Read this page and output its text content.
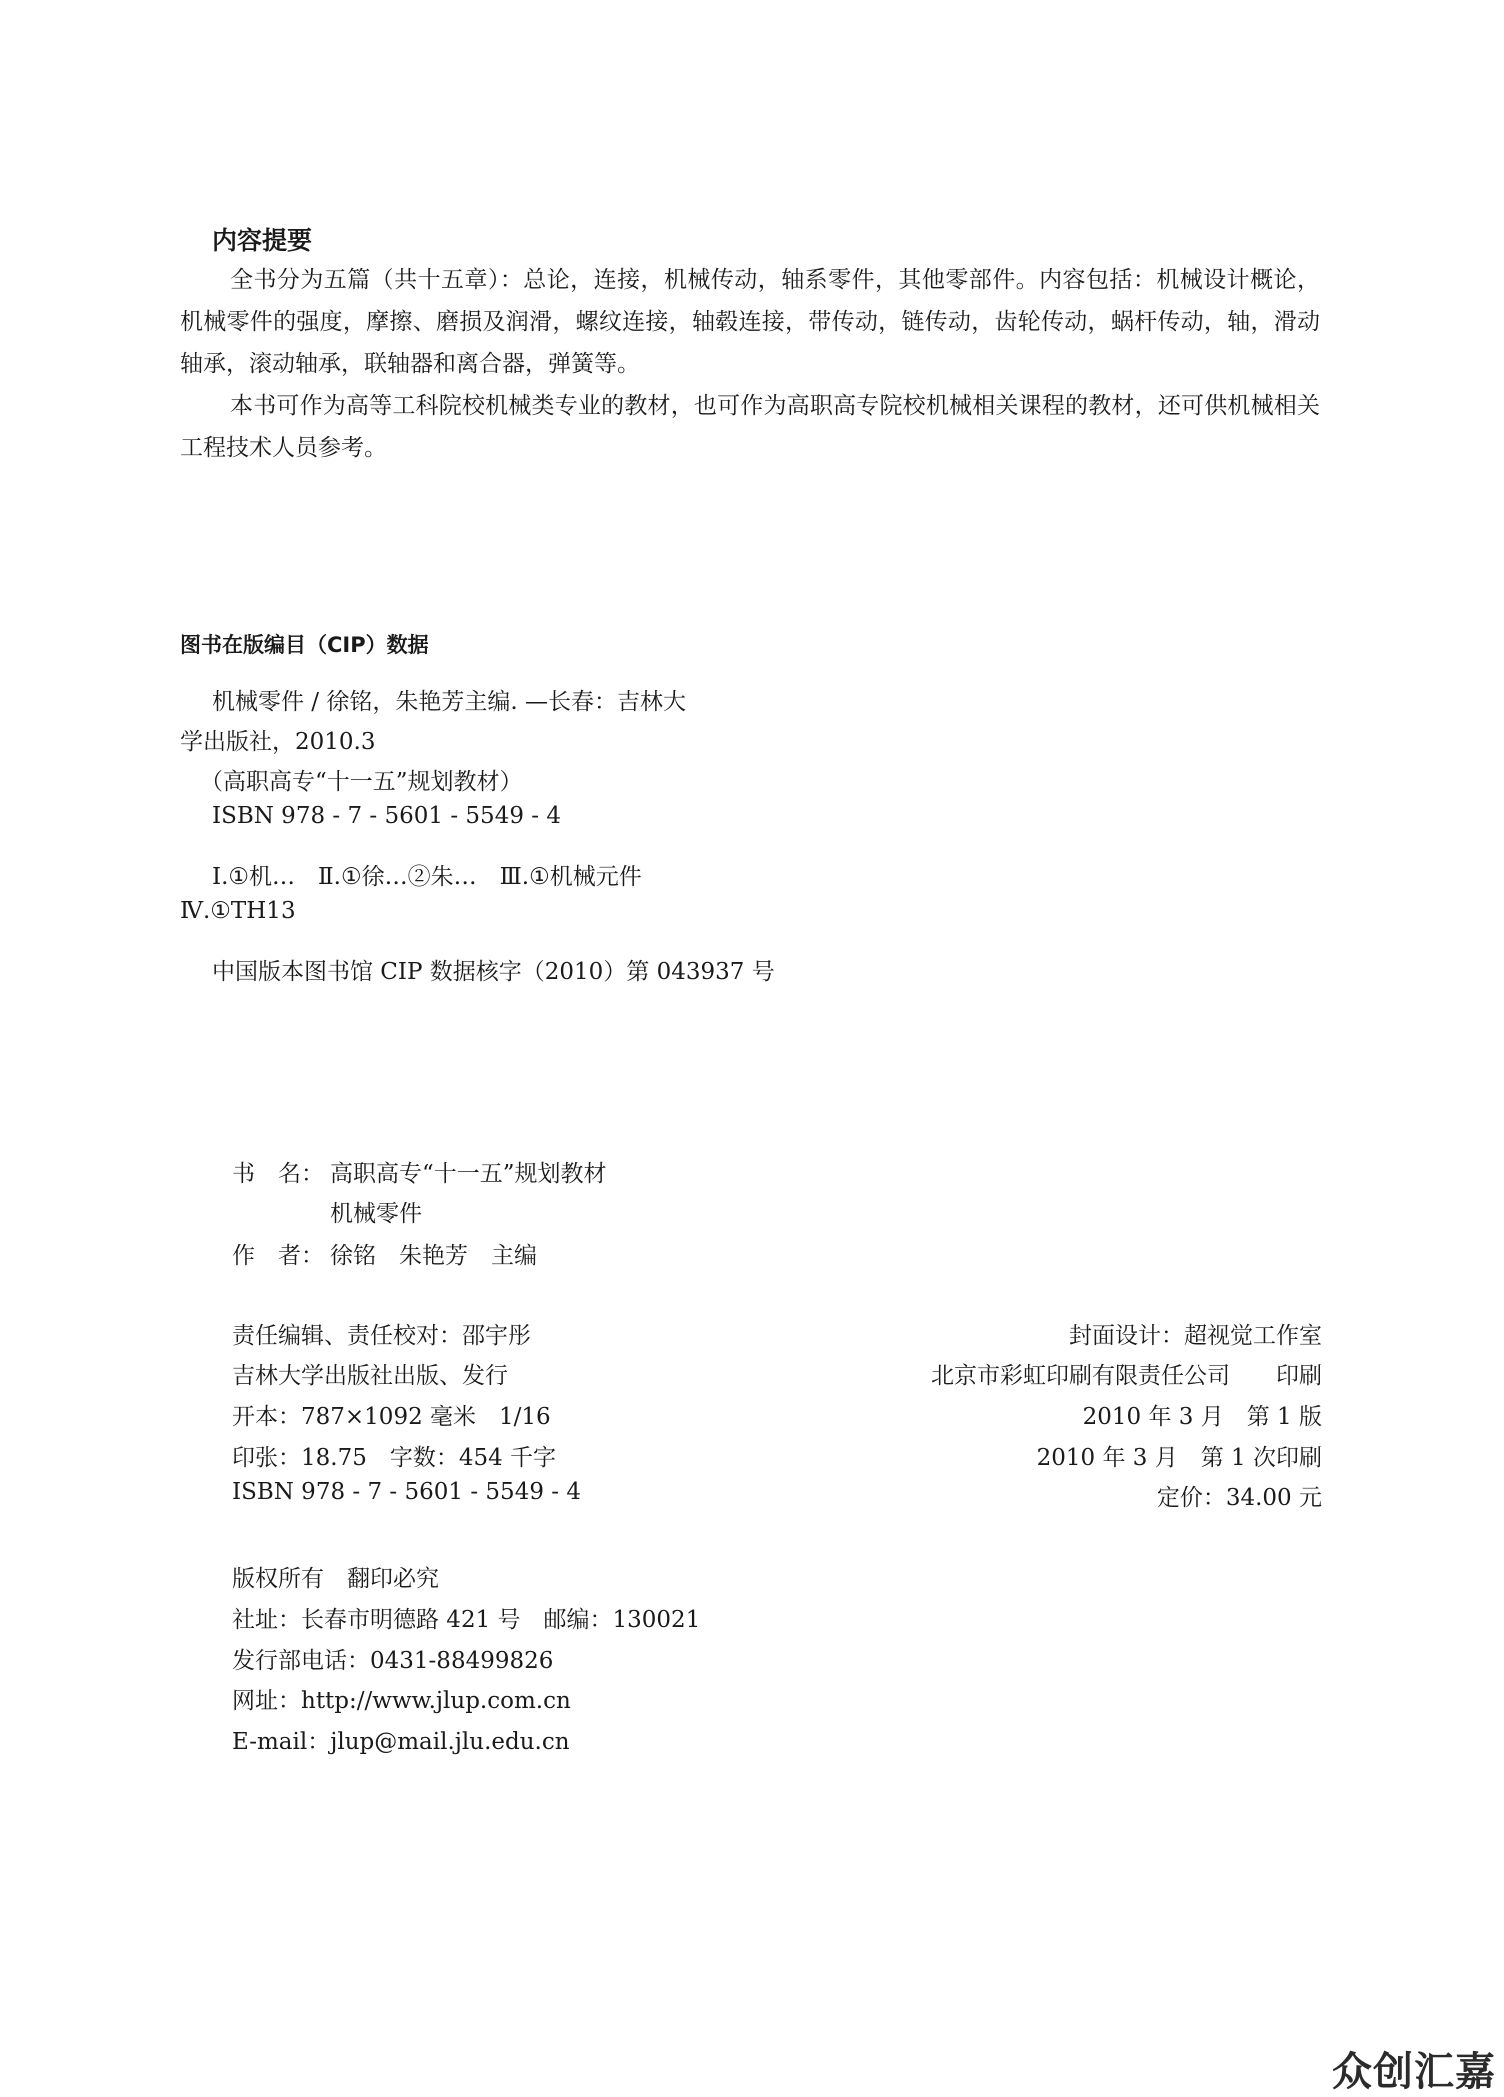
内容提要

全书分为五篇（共十五章）：总论，连接，机械传动，轴系零件，其他零部件。内容包括：机械设计概论，机械零件的强度，摩擦、磨损及润滑，螺纹连接，轴毂连接，带传动，链传动，齿轮传动，蜗杆传动，轴，滑动轴承，滚动轴承，联轴器和离合器，弹簧等。

本书可作为高等工科院校机械类专业的教材，也可作为高职高专院校机械相关课程的教材，还可供机械相关工程技术人员参考。

图书在版编目（CIP）数据
机械零件 / 徐铭，朱艳芳主编. —长春：吉林大
学出版社，2010.3
（高职高专“十一五”规划教材）
ISBN 978 - 7 - 5601 - 5549 - 4
Ⅰ.①机…　Ⅱ.①徐…②朱…　Ⅲ.①机械元件
Ⅳ.①TH13
中国版本图书馆 CIP 数据核字（2010）第 043937 号
书　名： 高职高专“十一五”规划教材
机械零件
作　者： 徐铭　朱艳芳　主编
责任编辑、责任校对：邵宇彤
吉林大学出版社出版、发行
开本：787×1092 毫米　1/16
印张：18.75　字数：454 千字
ISBN 978 - 7 - 5601 - 5549 - 4
封面设计：超视觉工作室
北京市彩虹印刷有限责任公司　　印刷
2010 年 3 月　第 1 版
2010 年 3 月　第 1 次印刷
定价：34.00 元
版权所有　翻印必究
社址：长春市明德路 421 号　邮编：130021
发行部电话：0431-88499826
网址：http://www.jlup.com.cn
E-mail：jlup@mail.jlu.edu.cn
众创汇嘉
